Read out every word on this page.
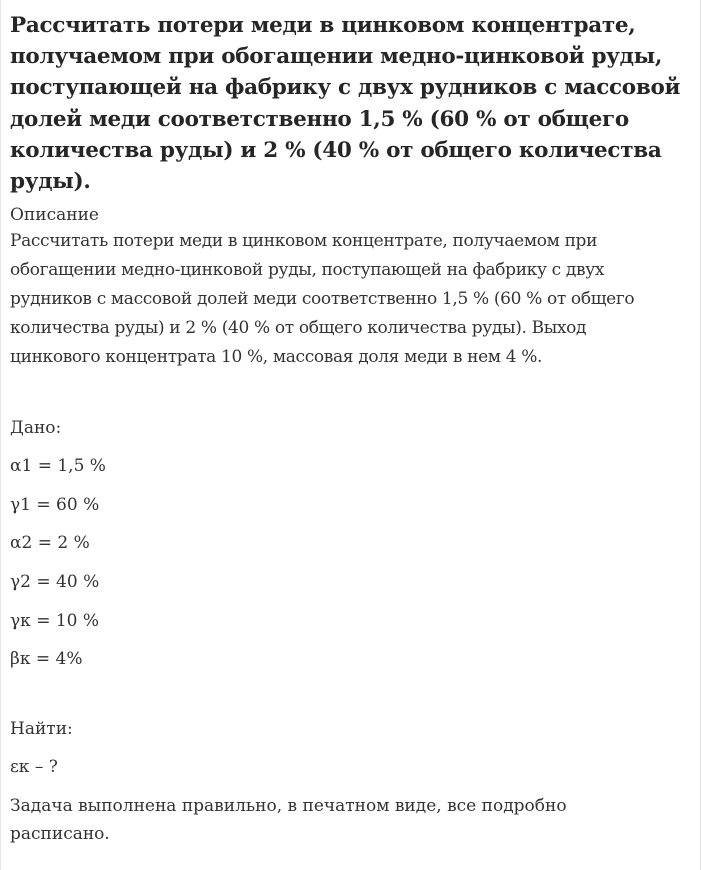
Рассчитать потери меди в цинковом концентрате,
получаемом при обогащении медно-цинковой руды,
поступающей на фабрику с двух рудников с массовой
долей меди соответственно 1,5 % (60 % от общего
количества руды) и 2 % (40 % от общего количества
руды).
Описание
Рассчитать потери меди в цинковом концентрате, получаемом при
обогащении медно-цинковой руды, поступающей на фабрику с двух
рудников с массовой долей меди соответственно 1,5 % (60 % от общего
количества руды) и 2 % (40 % от общего количества руды). Выход
цинкового концентрата 10 %, массовая доля меди в нем 4 %.
Дано:
α1 = 1,5 %
γ1 = 60 %
α2 = 2 %
γ2 = 40 %
γк = 10 %
βк = 4%
Найти:
εк – ?
Задача выполнена правильно, в печатном виде, все подробно
расписано.
